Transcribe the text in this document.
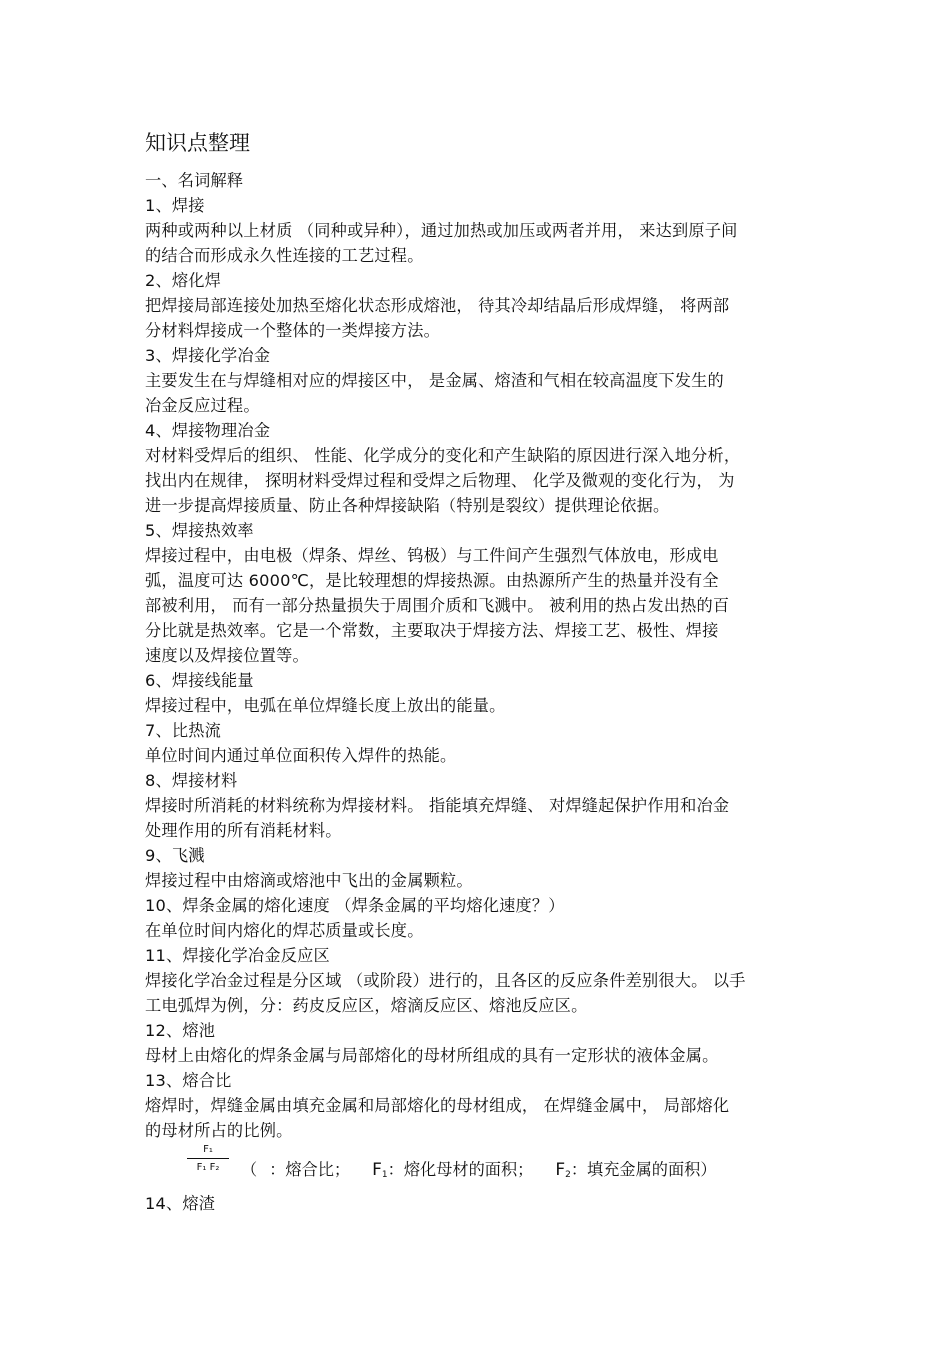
知识点整理
一、名词解释
1、焊接
两种或两种以上材质 （同种或异种），通过加热或加压或两者并用， 来达到原子间
的结合而形成永久性连接的工艺过程。
2、熔化焊
把焊接局部连接处加热至熔化状态形成熔池， 待其冷却结晶后形成焊缝， 将两部
分材料焊接成一个整体的一类焊接方法。
3、焊接化学冶金
主要发生在与焊缝相对应的焊接区中， 是金属、熔渣和气相在较高温度下发生的
冶金反应过程。
4、焊接物理冶金
对材料受焊后的组织、 性能、化学成分的变化和产生缺陷的原因进行深入地分析，
找出内在规律， 探明材料受焊过程和受焊之后物理、 化学及微观的变化行为， 为
进一步提高焊接质量、防止各种焊接缺陷（特别是裂纹）提供理论依据。
5、焊接热效率
焊接过程中，由电极（焊条、焊丝、钨极）与工件间产生强烈气体放电，形成电
弧，温度可达 6000℃，是比较理想的焊接热源。由热源所产生的热量并没有全
部被利用， 而有一部分热量损失于周围介质和飞溅中。 被利用的热占发出热的百
分比就是热效率。它是一个常数，主要取决于焊接方法、焊接工艺、极性、焊接
速度以及焊接位置等。
6、焊接线能量
焊接过程中，电弧在单位焊缝长度上放出的能量。
7、比热流
单位时间内通过单位面积传入焊件的热能。
8、焊接材料
焊接时所消耗的材料统称为焊接材料。 指能填充焊缝、 对焊缝起保护作用和冶金
处理作用的所有消耗材料。
9、飞溅
焊接过程中由熔滴或熔池中飞出的金属颗粒。
10、焊条金属的熔化速度 （焊条金属的平均熔化速度？）
在单位时间内熔化的焊芯质量或长度。
11、焊接化学冶金反应区
焊接化学冶金过程是分区域 （或阶段）进行的，且各区的反应条件差别很大。 以手
工电弧焊为例，分：药皮反应区，熔滴反应区、熔池反应区。
12、熔池
母材上由熔化的焊条金属与局部熔化的母材所组成的具有一定形状的液体金属。
13、熔合比
熔焊时，焊缝金属由填充金属和局部熔化的母材组成， 在焊缝金属中， 局部熔化
的母材所占的比例。
F₁
F₁ F₂	（ ：熔合比； $F_1$：熔化母材的面积； $F_2$：填充金属的面积）
14、熔渣
